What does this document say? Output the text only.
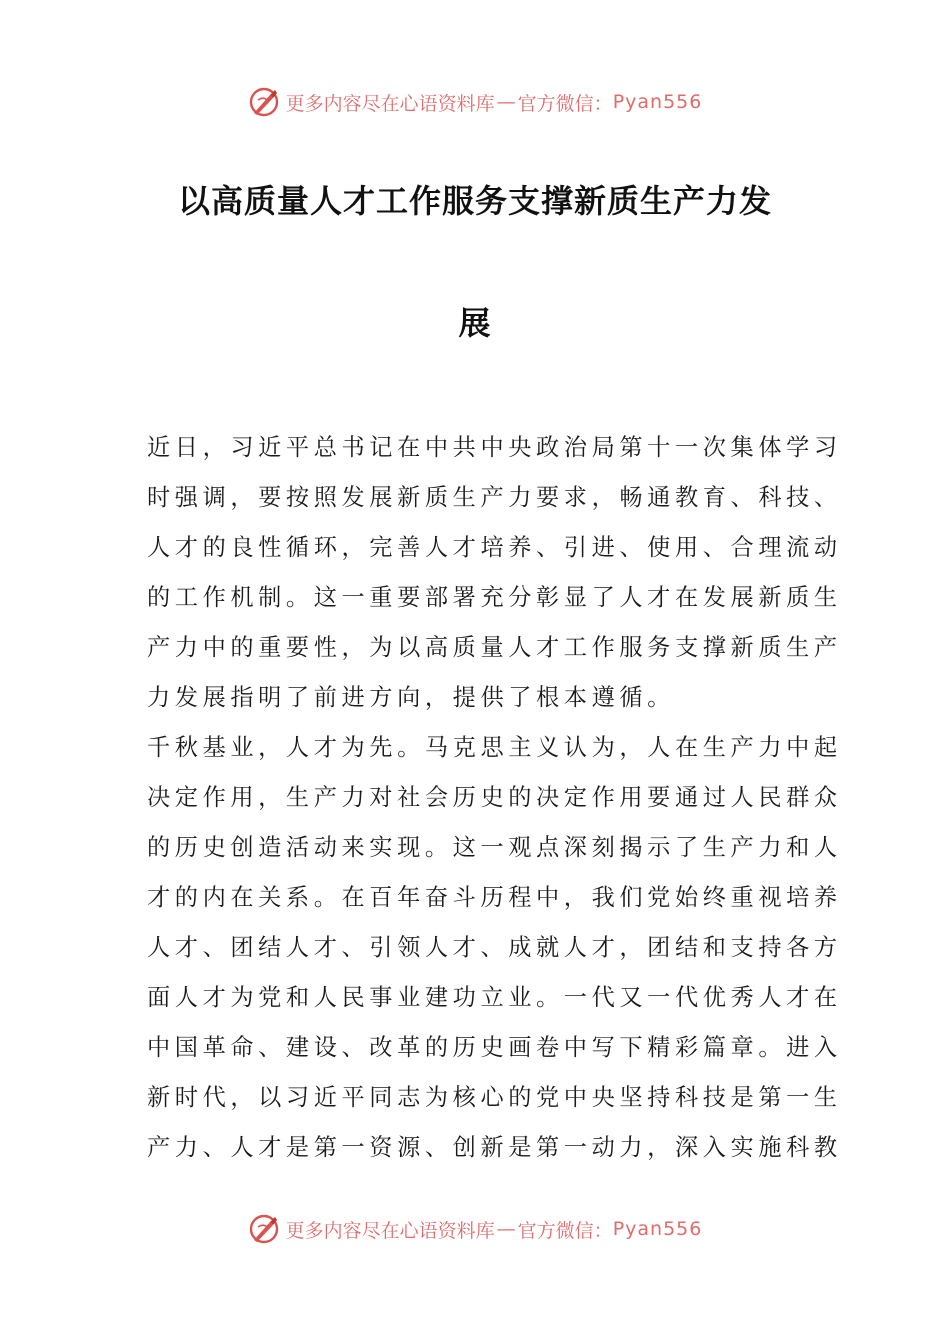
更多内容尽在心语资料库 — 官方微信： Pyan556
以高质量人才工作服务支撑新质生产力发
展
近日，习近平总书记在中共中央政治局第十一次集体学习
时强调，要按照发展新质生产力要求，畅通教育、科技、
人才的良性循环，完善人才培养、引进、使用、合理流动
的工作机制。这一重要部署充分彰显了人才在发展新质生
产力中的重要性，为以高质量人才工作服务支撑新质生产
力发展指明了前进方向，提供了根本遵循。
千秋基业，人才为先。马克思主义认为，人在生产力中起
决定作用，生产力对社会历史的决定作用要通过人民群众
的历史创造活动来实现。这一观点深刻揭示了生产力和人
才的内在关系。在百年奋斗历程中，我们党始终重视培养
人才、团结人才、引领人才、成就人才，团结和支持各方
面人才为党和人民事业建功立业。一代又一代优秀人才在
中国革命、建设、改革的历史画卷中写下精彩篇章。进入
新时代，以习近平同志为核心的党中央坚持科技是第一生
产力、人才是第一资源、创新是第一动力，深入实施科教
更多内容尽在心语资料库 — 官方微信： Pyan556
